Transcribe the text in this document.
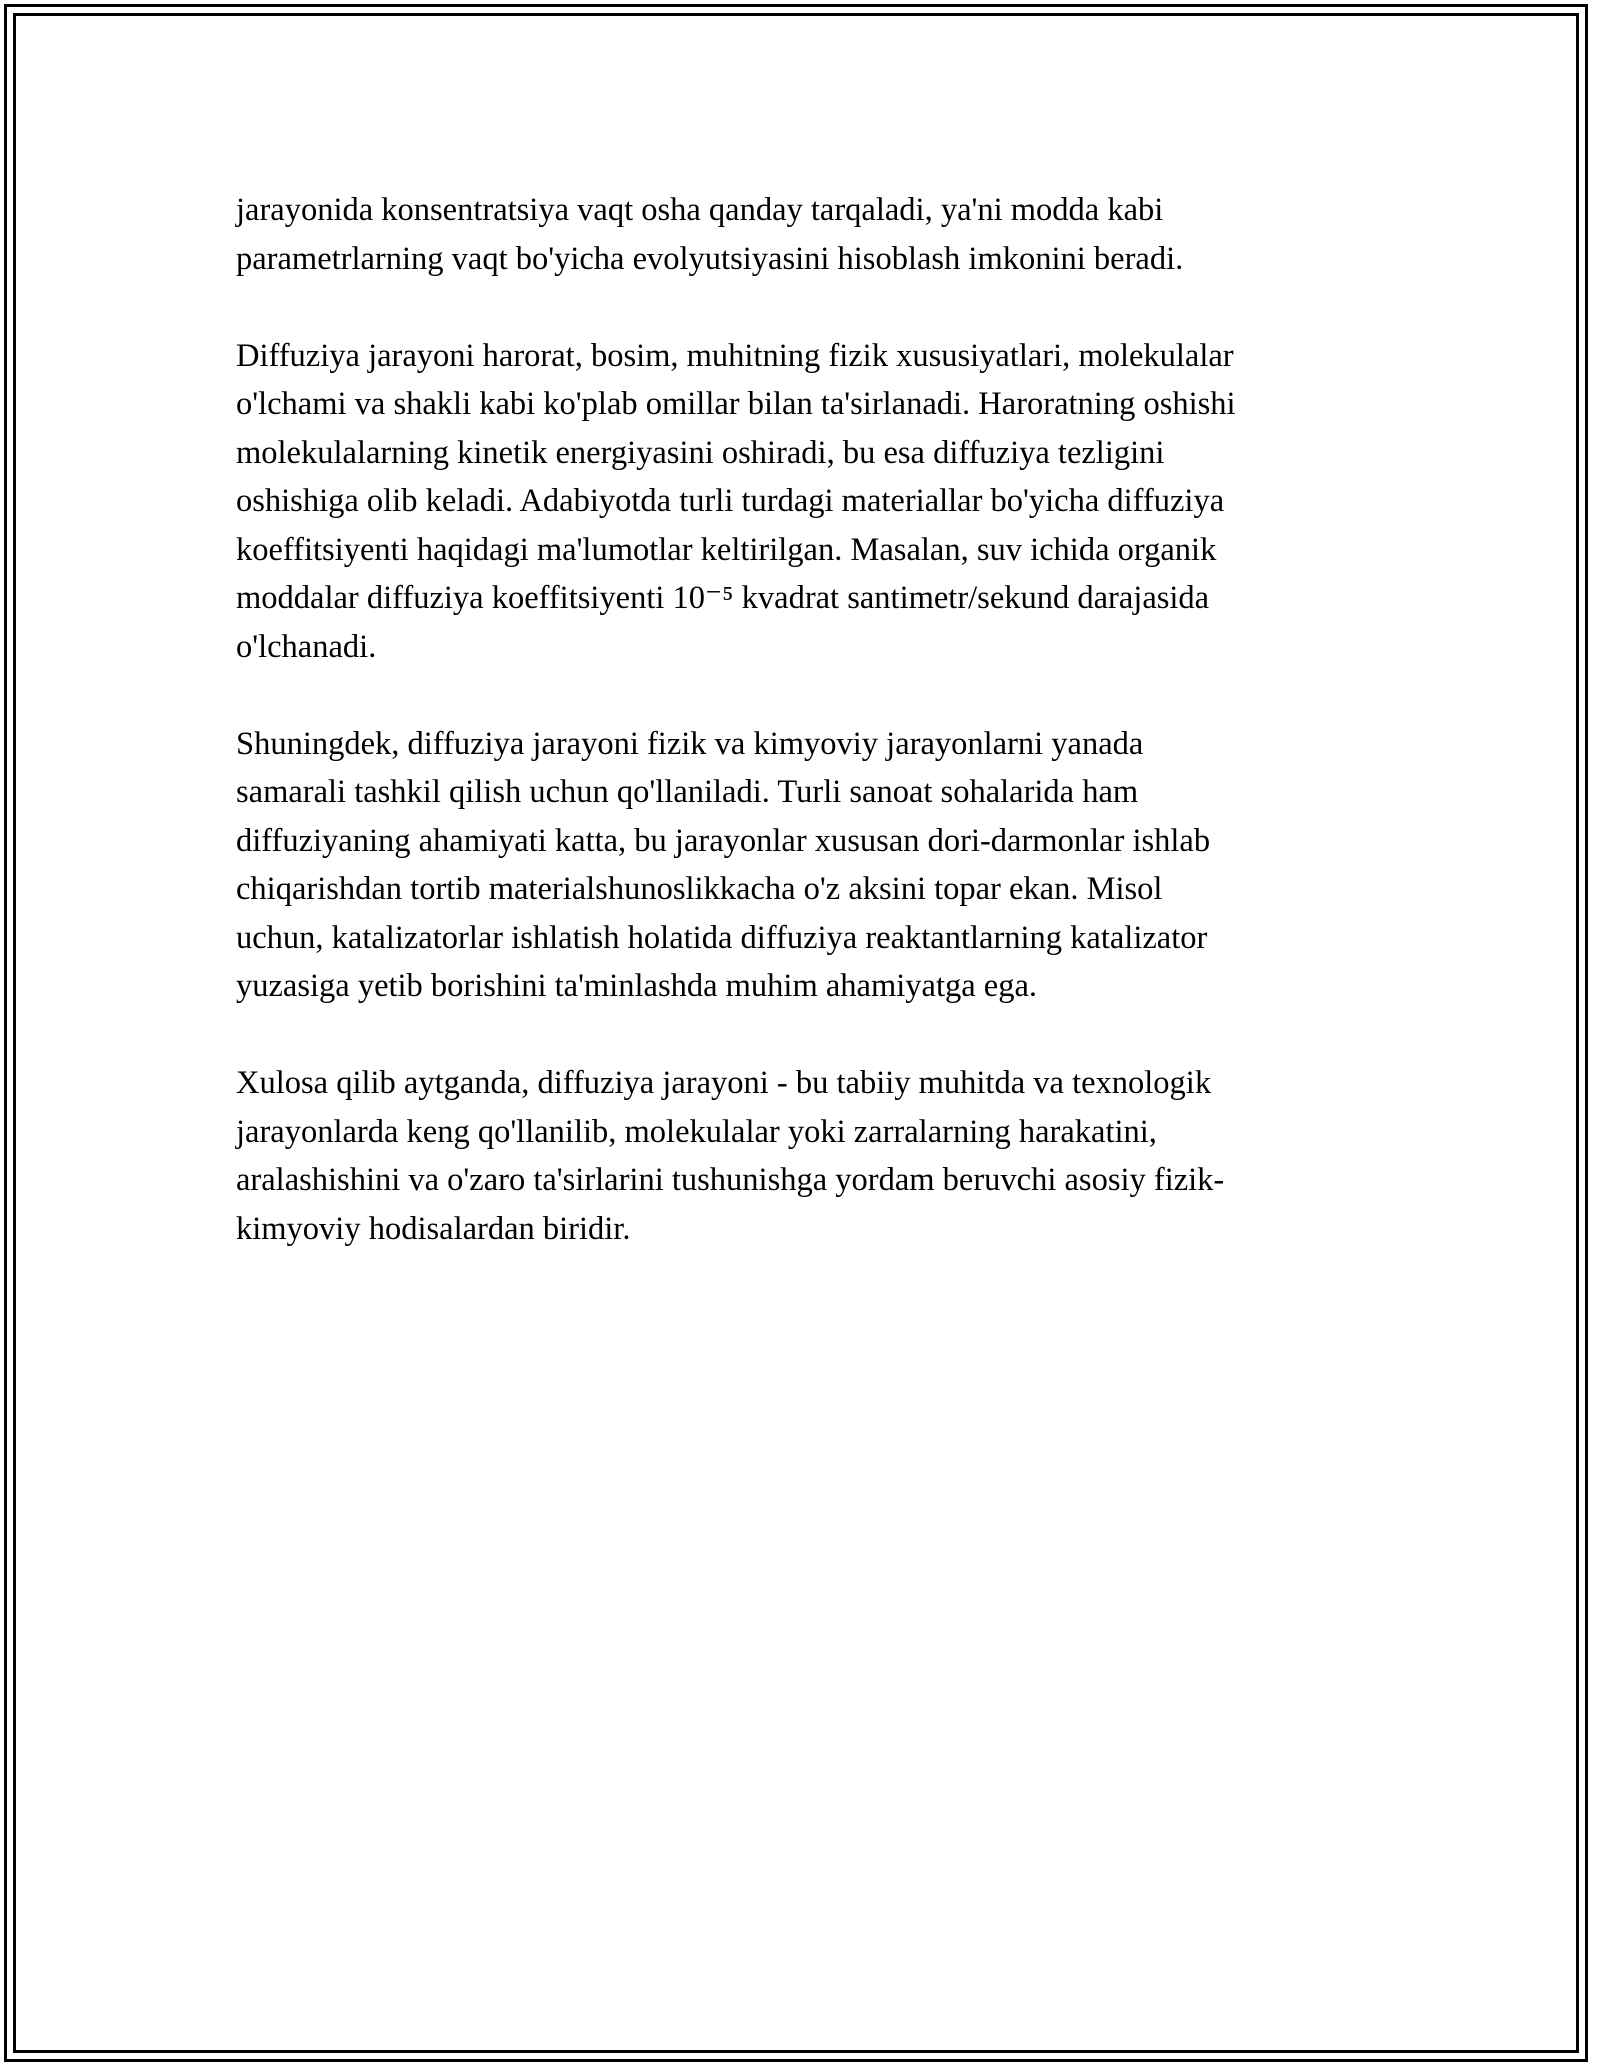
jarayonida konsentratsiya vaqt osha qanday tarqaladi, ya'ni modda kabi
parametrlarning vaqt bo'yicha evolyutsiyasini hisoblash imkonini beradi.

Diffuziya jarayoni harorat, bosim, muhitning fizik xususiyatlari, molekulalar
o'lchami va shakli kabi ko'plab omillar bilan ta'sirlanadi. Haroratning oshishi
molekulalarning kinetik energiyasini oshiradi, bu esa diffuziya tezligini
oshishiga olib keladi. Adabiyotda turli turdagi materiallar bo'yicha diffuziya
koeffitsiyenti haqidagi ma'lumotlar keltirilgan. Masalan, suv ichida organik
moddalar diffuziya koeffitsiyenti 10⁻⁵ kvadrat santimetr/sekund darajasida
o'lchanadi.

Shuningdek, diffuziya jarayoni fizik va kimyoviy jarayonlarni yanada
samarali tashkil qilish uchun qo'llaniladi. Turli sanoat sohalarida ham
diffuziyaning ahamiyati katta, bu jarayonlar xususan dori-darmonlar ishlab
chiqarishdan tortib materialshunoslikkacha o'z aksini topar ekan. Misol
uchun, katalizatorlar ishlatish holatida diffuziya reaktantlarning katalizator
yuzasiga yetib borishini ta'minlashda muhim ahamiyatga ega.

Xulosa qilib aytganda, diffuziya jarayoni - bu tabiiy muhitda va texnologik
jarayonlarda keng qo'llanilib, molekulalar yoki zarralarning harakatini,
aralashishini va o'zaro ta'sirlarini tushunishga yordam beruvchi asosiy fizik-
kimyoviy hodisalardan biridir.
